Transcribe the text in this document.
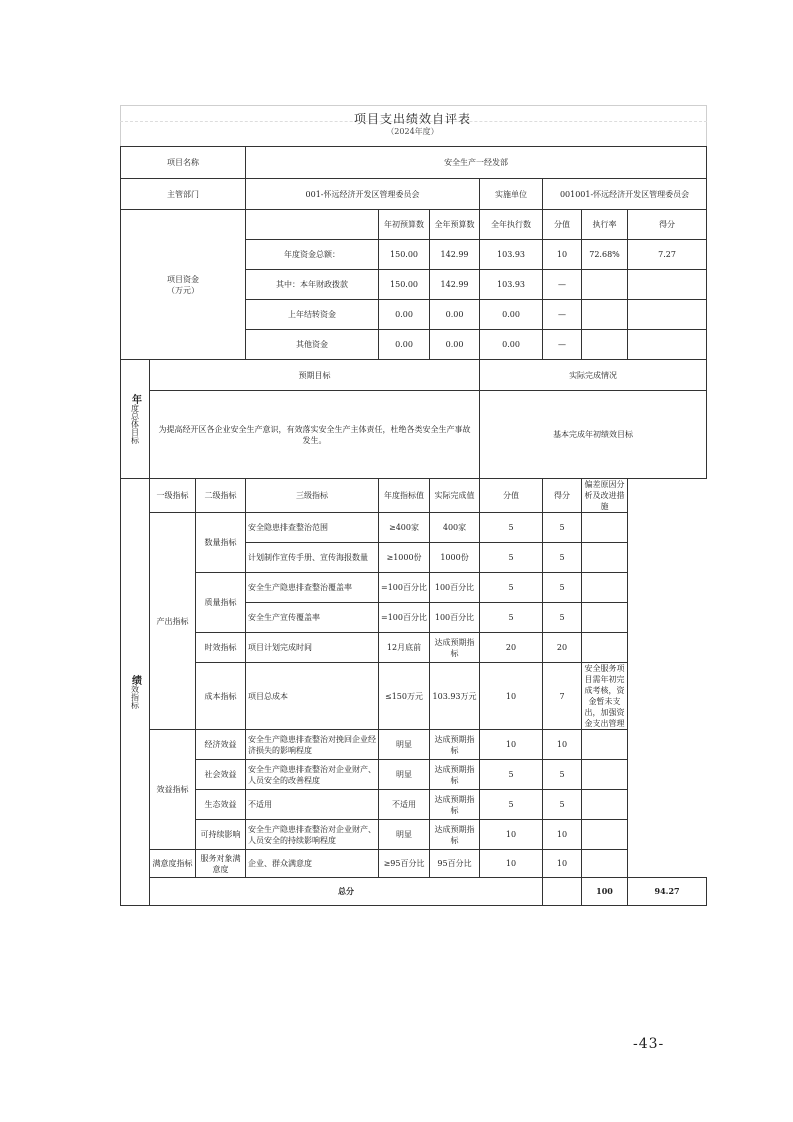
项目支出绩效自评表
（2024年度）
项目名称			安全生产一经发部							
主管部门			001-怀远经济开发区管理委员会			实施单位	001001-怀远经济开发区管理委员会			

项目资金
（万元）				年初预算数	全年预算数	全年执行数	分值	执行率	得分	
			年度资金总额：	150.00	142.99	103.93	10	72.68%	7.27	
			其中：本年财政拨款	150.00	142.99	103.93	—			
			上年结转资金	0.00	0.00	0.00	—			
			其他资金	0.00	0.00	0.00	—			

年度总体目标	预期目标					实际完成情况				
	为提高经开区各企业安全生产意识，有效落实安全生产主体责任，杜绝各类安全生产事故发生。					基本完成年初绩效目标				

绩效指标	一级指标	二级指标	三级指标	年度指标值	实际完成值	分值	得分	偏差原因分析及改进措施		
	产出指标	数量指标	安全隐患排查整治范围	≥400家	400家	5	5			
			计划制作宣传手册、宣传海报数量	≥1000份	1000份	5	5			
		质量指标	安全生产隐患排查整治覆盖率	=100百分比	100百分比	5	5			
			安全生产宣传覆盖率	=100百分比	100百分比	5	5			
		时效指标	项目计划完成时间	12月底前	达成预期指标	20	20			
		成本指标	项目总成本	≤150万元	103.93万元	10	7	安全服务项目需年初完成考核，资金暂未支出，加强资金支出管理		
	效益指标	经济效益	安全生产隐患排查整治对挽回企业经济损失的影响程度	明显	达成预期指标	10	10			
		社会效益	安全生产隐患排查整治对企业财产、人员安全的改善程度	明显	达成预期指标	5	5			
		生态效益	不适用	不适用	达成预期指标	5	5			
		可持续影响	安全生产隐患排查整治对企业财产、人员安全的持续影响程度	明显	达成预期指标	10	10			
	满意度指标	服务对象满意度	企业、群众满意度	≥95百分比	95百分比	10	10			
	总分							100	94.27	
-43-
